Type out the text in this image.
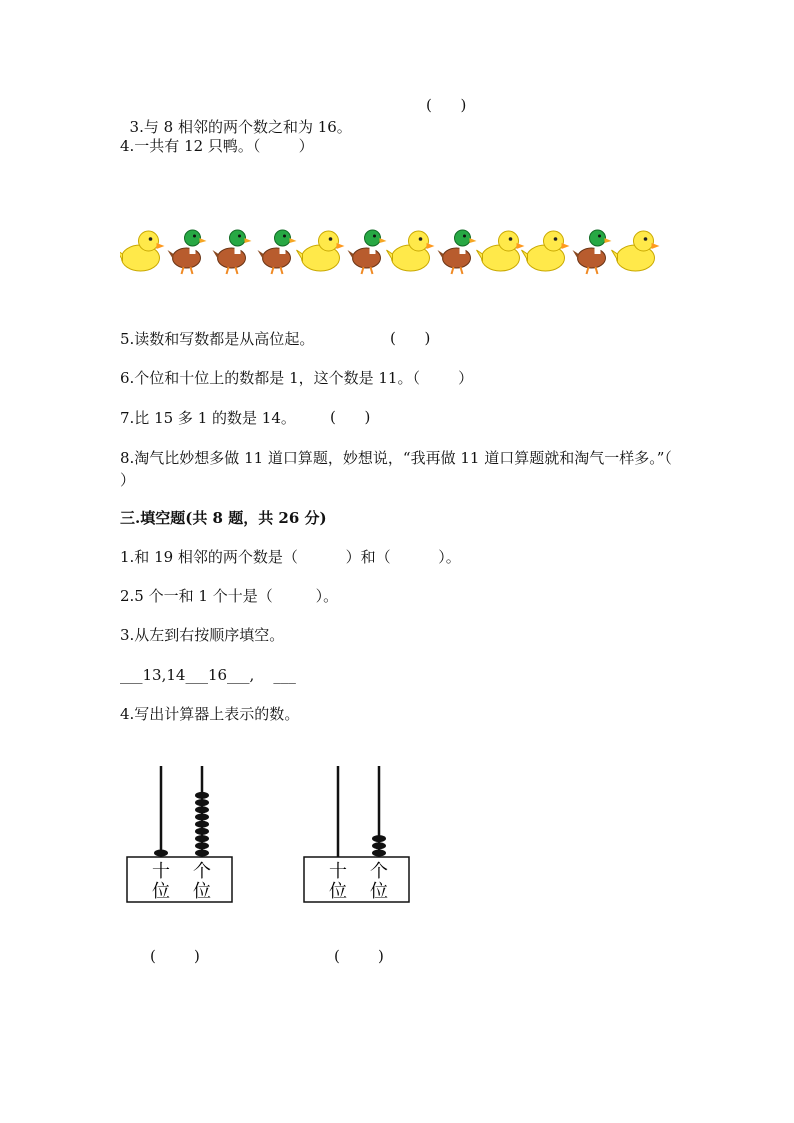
3.与 8 相邻的两个数之和为 16。

(      )
4.一共有 12 只鸭。（        ）
5.读数和写数都是从高位起。	(      )
6.个位和十位上的数都是 1，这个数是 11。（        ）
7.比 15 多 1 的数是 14。 (      )
8.淘气比妙想多做 11 道口算题，妙想说，“我再做 11 道口算题就和淘气一样多。”（ ）
三.填空题(共 8 题，共 26 分)
1.和 19 相邻的两个数是（          ）和（          ）。
2.5 个一和 1 个十是（         ）。
3.从左到右按顺序填空。
___13,14___16___,    ___
4.写出计算器上表示的数。
十
位
个
位
十
位
个
位
(        )	(        )
